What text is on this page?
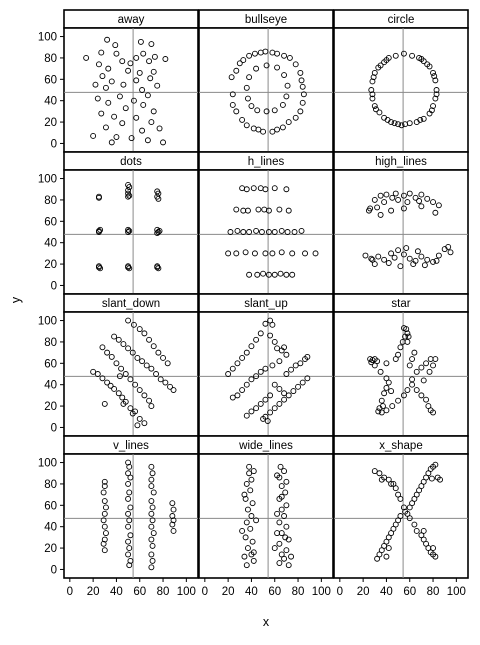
away	bullseye	circle
dots	h_lines	high_lines
slant_down	slant_up	star
v_lines	wide_lines	x_shape
0
20
40
60
80
100
0
20
40
60
80
100
0
20
40
60
80
100
0
20
40
60
80
100
0 20 40 60 80 100 0 20 40 60 80 100 0 20 40 60 80 100
x
y
